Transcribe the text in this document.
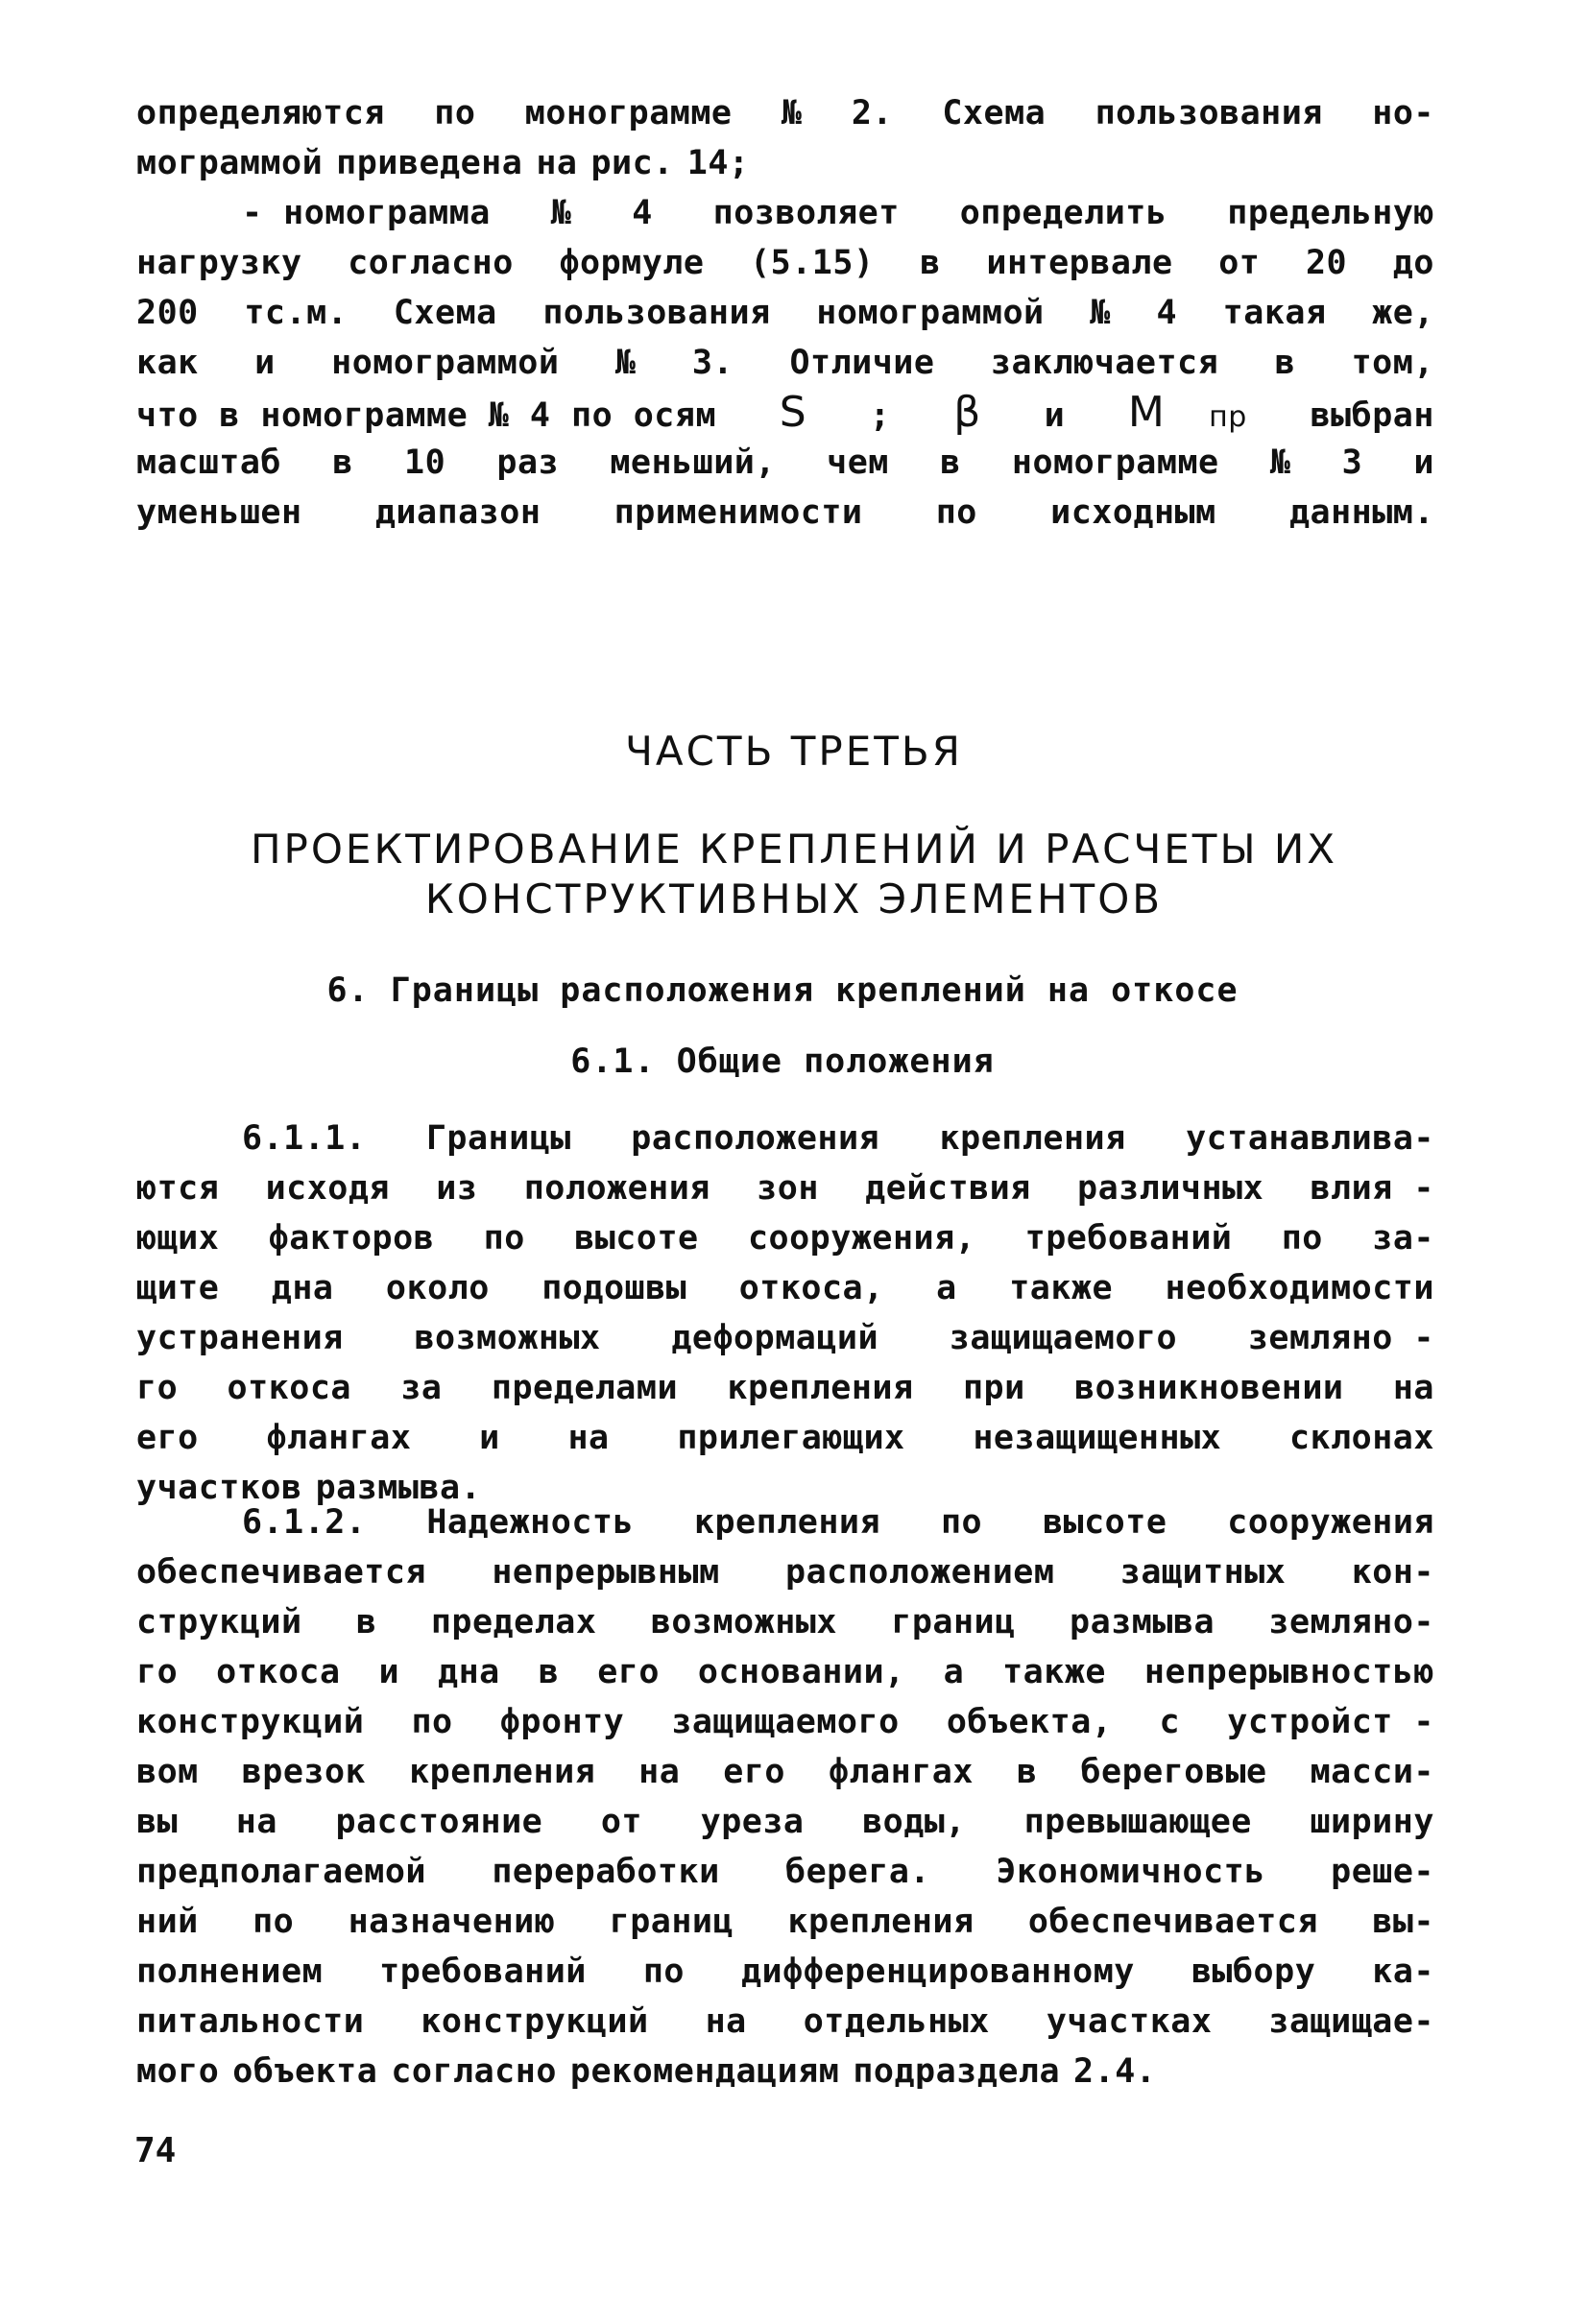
определяются по монограмме № 2. Схема пользования но-
мограммой приведена на рис. 14;
- номограмма № 4 позволяет определить предельную
нагрузку согласно формуле (5.15) в интервале от 20 до
200 тс.м. Схема пользования номограммой № 4 такая же,
как и номограммой № 3. Отличие заключается в том,
что в номограмме № 4 по осям S ; β и M пр выбран
масштаб в 10 раз меньший, чем в номограмме № 3 и
уменьшен диапазон применимости по исходным данным.
ЧАСТЬ ТРЕТЬЯ
ПРОЕКТИРОВАНИЕ КРЕПЛЕНИЙ И РАСЧЕТЫ ИХ
КОНСТРУКТИВНЫХ ЭЛЕМЕНТОВ
6. Границы расположения креплений на откосе
6.1. Общие положения
6.1.1. Границы расположения крепления устанавлива-
ются исходя из положения зон действия различных влия -
ющих факторов по высоте сооружения, требований по за-
щите дна около подошвы откоса, а также необходимости
устранения возможных деформаций защищаемого земляно -
го откоса за пределами крепления при возникновении на
его флангах и на прилегающих незащищенных склонах
участков размыва.
6.1.2. Надежность крепления по высоте сооружения
обеспечивается непрерывным расположением защитных кон-
струкций в пределах возможных границ размыва земляно-
го откоса и дна в его основании, а также непрерывностью
конструкций по фронту защищаемого объекта, с устройст -
вом врезок крепления на его флангах в береговые масси-
вы на расстояние от уреза воды, превышающее ширину
предполагаемой переработки берега. Экономичность реше-
ний по назначению границ крепления обеспечивается вы-
полнением требований по дифференцированному выбору ка-
питальности конструкций на отдельных участках защищае-
мого объекта согласно рекомендациям подраздела 2.4.
74
